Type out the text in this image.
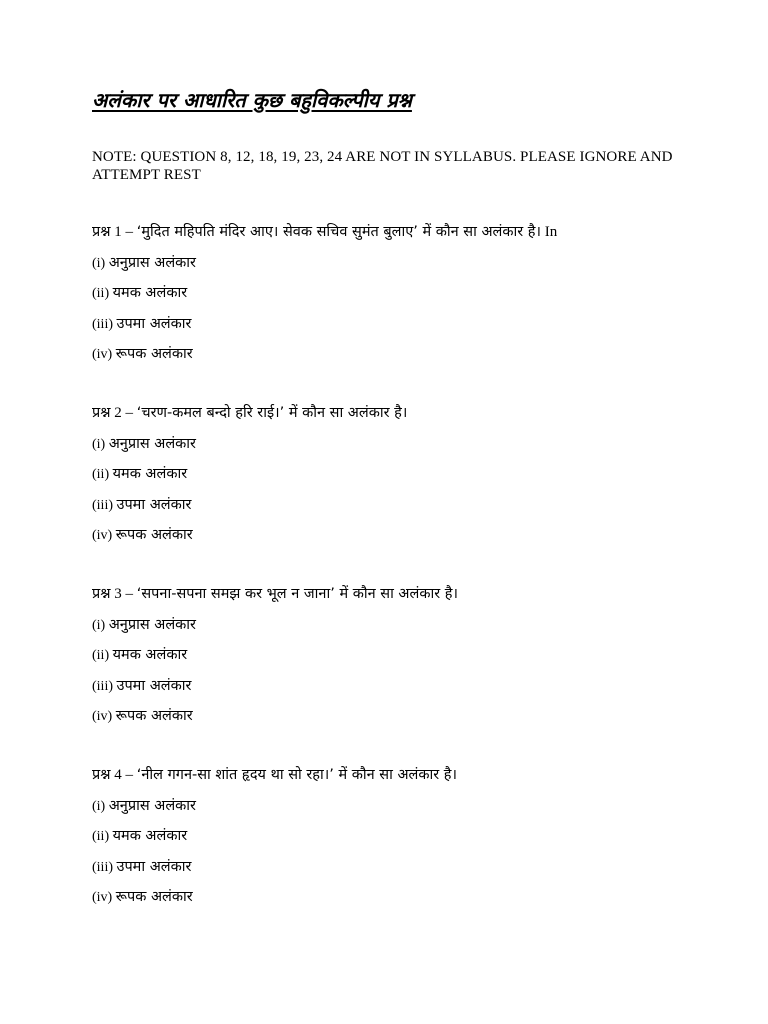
अलंकार पर आधारित कुछ बहुविकल्पीय प्रश्न
NOTE: QUESTION 8, 12, 18, 19, 23, 24 ARE NOT IN SYLLABUS. PLEASE IGNORE AND ATTEMPT REST
प्रश्न 1 – ‘मुदित महिपति मंदिर आए। सेवक सचिव सुमंत बुलाए’ में कौन सा अलंकार है। In
(i) अनुप्रास अलंकार
(ii) यमक अलंकार
(iii) उपमा अलंकार
(iv) रूपक अलंकार
प्रश्न 2 – ‘चरण-कमल बन्दो हरि राई।’ में कौन सा अलंकार है।
(i) अनुप्रास अलंकार
(ii) यमक अलंकार
(iii) उपमा अलंकार
(iv) रूपक अलंकार
प्रश्न 3 – ‘सपना-सपना समझ कर भूल न जाना’ में कौन सा अलंकार है।
(i) अनुप्रास अलंकार
(ii) यमक अलंकार
(iii) उपमा अलंकार
(iv) रूपक अलंकार
प्रश्न 4 – ‘नील गगन-सा शांत हृदय था सो रहा।’ में कौन सा अलंकार है।
(i) अनुप्रास अलंकार
(ii) यमक अलंकार
(iii) उपमा अलंकार
(iv) रूपक अलंकार
